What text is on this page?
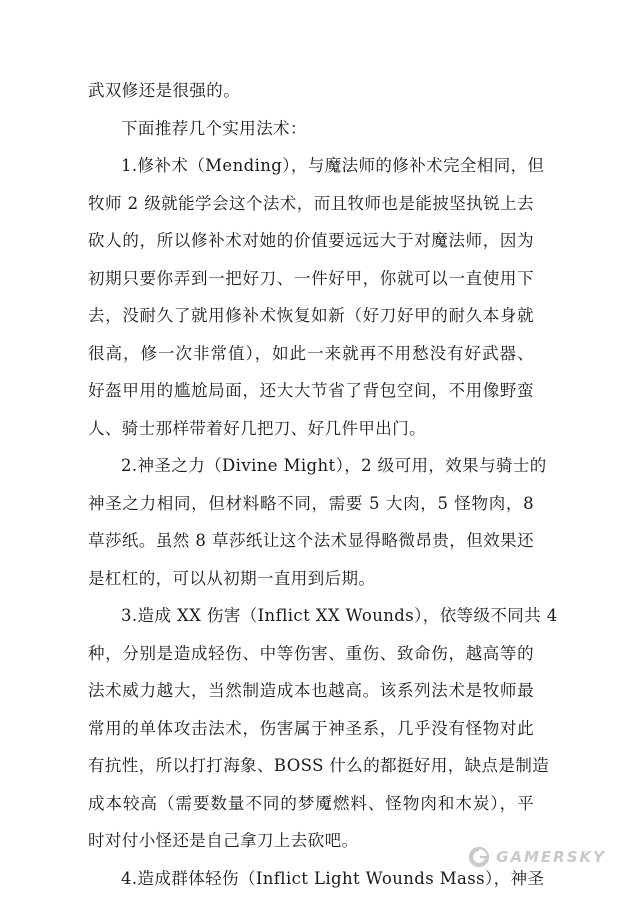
武双修还是很强的。
下面推荐几个实用法术：
1.修补术（Mending），与魔法师的修补术完全相同，但
牧师 2 级就能学会这个法术，而且牧师也是能披坚执锐上去
砍人的，所以修补术对她的价值要远远大于对魔法师，因为
初期只要你弄到一把好刀、一件好甲，你就可以一直使用下
去，没耐久了就用修补术恢复如新（好刀好甲的耐久本身就
很高，修一次非常值），如此一来就再不用愁没有好武器、
好盔甲用的尴尬局面，还大大节省了背包空间，不用像野蛮
人、骑士那样带着好几把刀、好几件甲出门。
2.神圣之力（Divine Might），2 级可用，效果与骑士的
神圣之力相同，但材料略不同，需要 5 大肉，5 怪物肉，8
草莎纸。虽然 8 草莎纸让这个法术显得略微昂贵，但效果还
是杠杠的，可以从初期一直用到后期。
3.造成 XX 伤害（Inflict XX Wounds），依等级不同共 4
种，分别是造成轻伤、中等伤害、重伤、致命伤，越高等的
法术威力越大，当然制造成本也越高。该系列法术是牧师最
常用的单体攻击法术，伤害属于神圣系，几乎没有怪物对此
有抗性，所以打打海象、BOSS 什么的都挺好用，缺点是制造
成本较高（需要数量不同的梦魇燃料、怪物肉和木炭），平
时对付小怪还是自己拿刀上去砍吧。
4.造成群体轻伤（Inflict Light Wounds Mass），神圣
GAMERSKY
